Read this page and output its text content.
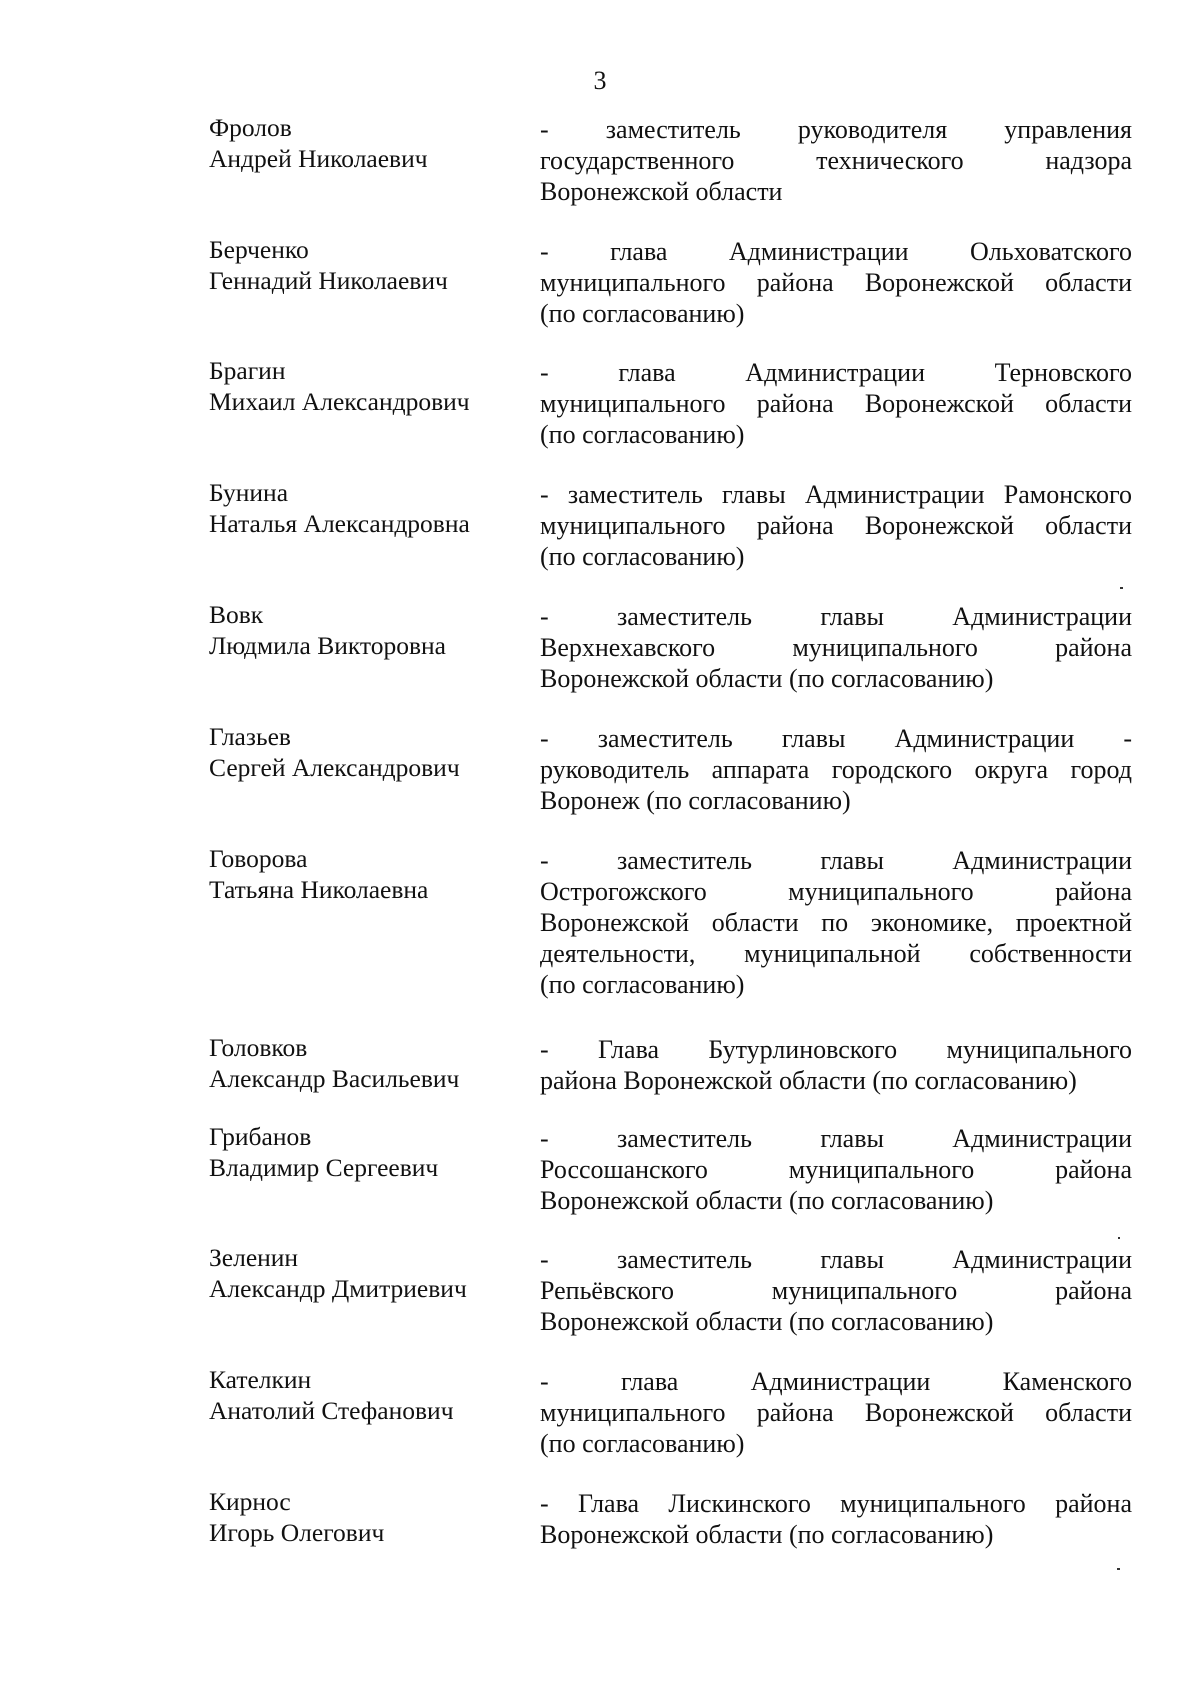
3
Фролов
Андрей Николаевич
- заместитель руководителя управления
государственного технического надзора
Воронежской области
Берченко
Геннадий Николаевич
- глава Администрации Ольховатского
муниципального района Воронежской области
(по согласованию)
Брагин
Михаил Александрович
- глава Администрации Терновского
муниципального района Воронежской области
(по согласованию)
Бунина
Наталья Александровна
- заместитель главы Администрации Рамонского
муниципального района Воронежской области
(по согласованию)
Вовк
Людмила Викторовна
- заместитель главы Администрации
Верхнехавского муниципального района
Воронежской области (по согласованию)
Глазьев
Сергей Александрович
- заместитель главы Администрации -
руководитель аппарата городского округа город
Воронеж (по согласованию)
Говорова
Татьяна Николаевна
- заместитель главы Администрации
Острогожского муниципального района
Воронежской области по экономике, проектной
деятельности, муниципальной собственности
(по согласованию)
Головков
Александр Васильевич
- Глава Бутурлиновского муниципального
района Воронежской области (по согласованию)
Грибанов
Владимир Сергеевич
- заместитель главы Администрации
Россошанского муниципального района
Воронежской области (по согласованию)
Зеленин
Александр Дмитриевич
- заместитель главы Администрации
Репьёвского муниципального района
Воронежской области (по согласованию)
Кателкин
Анатолий Стефанович
- глава Администрации Каменского
муниципального района Воронежской области
(по согласованию)
Кирнос
Игорь Олегович
- Глава Лискинского муниципального района
Воронежской области (по согласованию)
